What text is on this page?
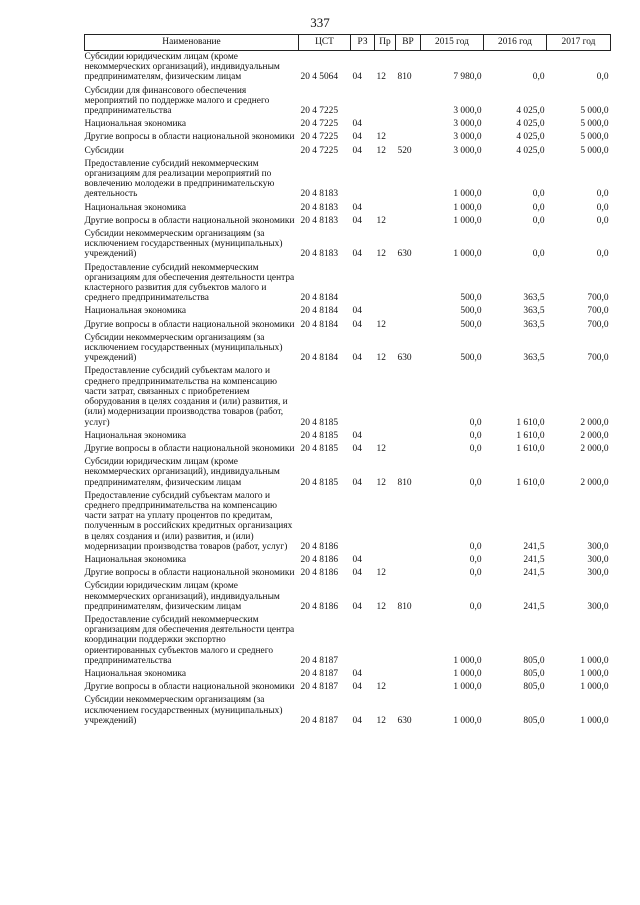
337
Наименование	ЦСТ	РЗ	Пр	ВР	2015 год	2016 год	2017 год
Субсидии юридическим лицам (кроме некоммерческих организаций), индивидуальным предпринимателям, физическим лицам	20 4 5064	04	12	810	7 980,0	0,0	0,0
Субсидии для финансового обеспечения мероприятий по поддержке малого и среднего предпринимательства	20 4 7225				3 000,0	4 025,0	5 000,0
Национальная экономика	20 4 7225	04			3 000,0	4 025,0	5 000,0
Другие вопросы в области национальной экономики	20 4 7225	04	12		3 000,0	4 025,0	5 000,0
Субсидии	20 4 7225	04	12	520	3 000,0	4 025,0	5 000,0
Предоставление субсидий некоммерческим организациям для реализации мероприятий по вовлечению молодежи в предпринимательскую деятельность	20 4 8183				1 000,0	0,0	0,0
Национальная экономика	20 4 8183	04			1 000,0	0,0	0,0
Другие вопросы в области национальной экономики	20 4 8183	04	12		1 000,0	0,0	0,0
Субсидии некоммерческим организациям (за исключением государственных (муниципальных) учреждений)	20 4 8183	04	12	630	1 000,0	0,0	0,0
Предоставление субсидий некоммерческим организациям для обеспечения деятельности центра кластерного развития для субъектов малого и среднего предпринимательства	20 4 8184				500,0	363,5	700,0
Национальная экономика	20 4 8184	04			500,0	363,5	700,0
Другие вопросы в области национальной экономики	20 4 8184	04	12		500,0	363,5	700,0
Субсидии некоммерческим организациям (за исключением государственных (муниципальных) учреждений)	20 4 8184	04	12	630	500,0	363,5	700,0
Предоставление субсидий субъектам малого и среднего предпринимательства на компенсацию части затрат, связанных с приобретением оборудования в целях создания и (или) развития, и (или) модернизации производства товаров (работ, услуг)	20 4 8185				0,0	1 610,0	2 000,0
Национальная экономика	20 4 8185	04			0,0	1 610,0	2 000,0
Другие вопросы в области национальной экономики	20 4 8185	04	12		0,0	1 610,0	2 000,0
Субсидии юридическим лицам (кроме некоммерческих организаций), индивидуальным предпринимателям, физическим лицам	20 4 8185	04	12	810	0,0	1 610,0	2 000,0
Предоставление субсидий субъектам малого и среднего предпринимательства на компенсацию части затрат на уплату процентов по кредитам, полученным в российских кредитных организациях в целях создания и (или) развития, и (или) модернизации производства товаров (работ, услуг)	20 4 8186				0,0	241,5	300,0
Национальная экономика	20 4 8186	04			0,0	241,5	300,0
Другие вопросы в области национальной экономики	20 4 8186	04	12		0,0	241,5	300,0
Субсидии юридическим лицам (кроме некоммерческих организаций), индивидуальным предпринимателям, физическим лицам	20 4 8186	04	12	810	0,0	241,5	300,0
Предоставление субсидий некоммерческим организациям для обеспечения деятельности центра координации поддержки экспортно ориентированных субъектов малого и среднего предпринимательства	20 4 8187				1 000,0	805,0	1 000,0
Национальная экономика	20 4 8187	04			1 000,0	805,0	1 000,0
Другие вопросы в области национальной экономики	20 4 8187	04	12		1 000,0	805,0	1 000,0
Субсидии некоммерческим организациям (за исключением государственных (муниципальных) учреждений)	20 4 8187	04	12	630	1 000,0	805,0	1 000,0
